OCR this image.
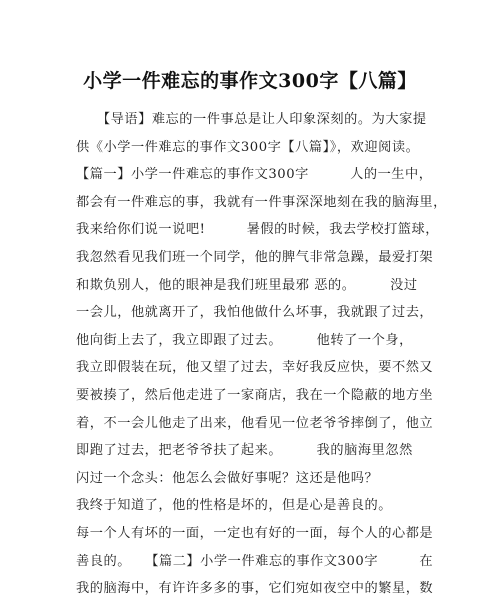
小学一件难忘的事作文300字【八篇】
　　【导语】难忘的一件事总是让人印象深刻的。为大家提
供《小学一件难忘的事作文300字【八篇】》，欢迎阅读。
【篇一】小学一件难忘的事作文300字　　　人的一生中，
都会有一件难忘的事，我就有一件事深深地刻在我的脑海里，
我来给你们说一说吧!　　　暑假的时候，我去学校打篮球，
我忽然看见我们班一个同学，他的脾气非常急躁，最爱打架
和欺负别人，他的眼神是我们班里最邪 恶的。　　　没过
一会儿，他就离开了，我怕他做什么坏事，我就跟了过去，
他向街上去了，我立即跟了过去。　　　他转了一个身，
我立即假装在玩，他又望了过去，幸好我反应快，要不然又
要被揍了，然后他走进了一家商店，我在一个隐蔽的地方坐
着，不一会儿他走了出来，他看见一位老爷爷摔倒了，他立
即跑了过去，把老爷爷扶了起来。　　　我的脑海里忽然
闪过一个念头：他怎么会做好事呢？这还是他吗？
我终于知道了，他的性格是坏的，但是心是善良的。
每一个人有坏的一面，一定也有好的一面，每个人的心都是
善良的。　　【篇二】小学一件难忘的事作文300字　　　在
我的脑海中，有许许多多的事，它们宛如夜空中的繁星，数
